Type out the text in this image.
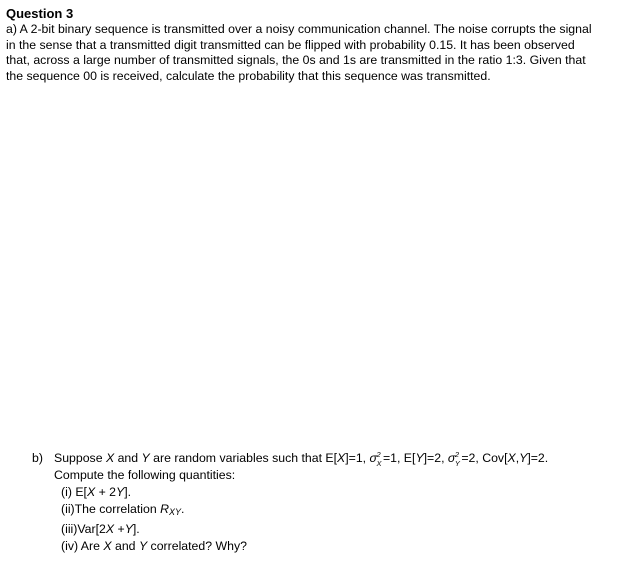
Question 3
a) A 2-bit binary sequence is transmitted over a noisy communication channel. The noise corrupts the signal
in the sense that a transmitted digit transmitted can be flipped with probability 0.15. It has been observed
that, across a large number of transmitted signals, the 0s and 1s are transmitted in the ratio 1:3. Given that
the sequence 00 is received, calculate the probability that this sequence was transmitted.
b) Suppose X and Y are random variables such that E[X]=1, σ 2
X =1, E[Y]=2, σ 2
Y =2, Cov[X,Y]=2.
Compute the following quantities:
(i) E[X + 2Y].
(ii)The correlation RXY.
(iii)Var[2X +Y].
(iv) Are X and Y correlated? Why?
